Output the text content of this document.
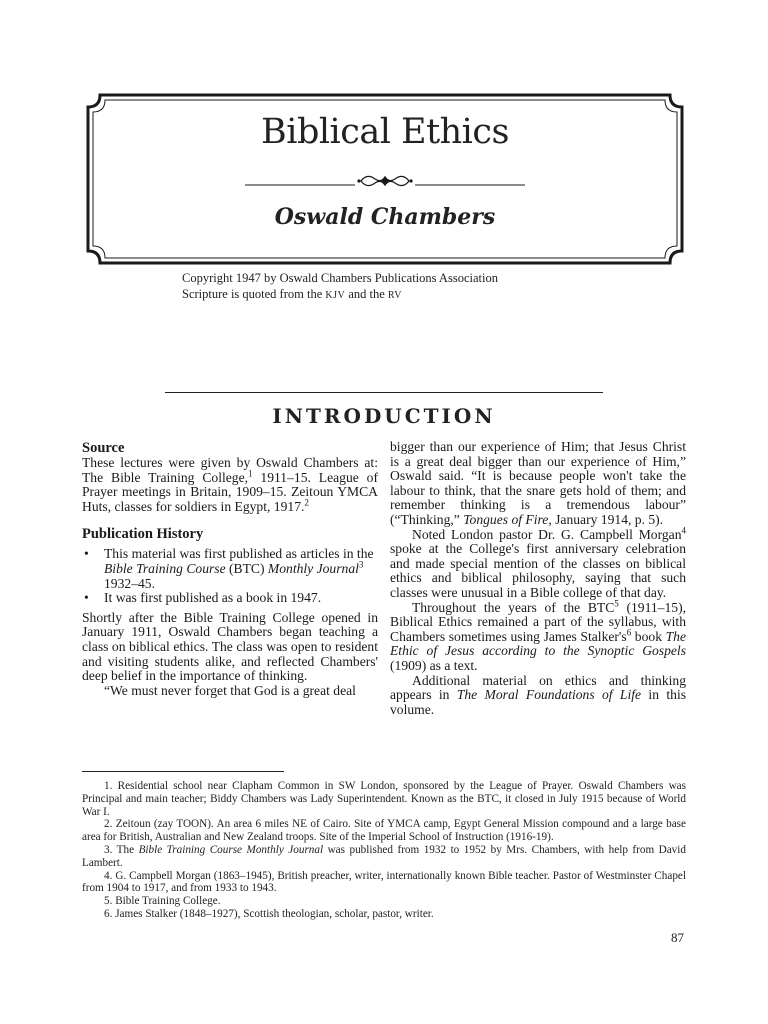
Biblical Ethics
Oswald Chambers
Copyright 1947 by Oswald Chambers Publications Association
Scripture is quoted from the KJV and the RV
INTRODUCTION
Source

These lectures were given by Oswald Chambers at: The Bible Training College,$^1$ 1911–15. League of Prayer meetings in Britain, 1909–15. Zeitoun YMCA Huts, classes for soldiers in Egypt, 1917.$^2$

Publication History
• This material was first published as articles in the Bible Training Course (BTC) Monthly Journal$^3$
1932–45.
• It was first published as a book in 1947.

Shortly after the Bible Training College opened in January 1911, Oswald Chambers began teaching a class on biblical ethics. The class was open to resident and visiting students alike, and reflected Chambers' deep belief in the importance of thinking.

“We must never forget that God is a great deal

bigger than our experience of Him; that Jesus Christ is a great deal bigger than our experience of Him,” Oswald said. “It is because people won't take the labour to think, that the snare gets hold of them; and remember thinking is a tremendous labour” (“Thinking,” Tongues of Fire, January 1914, p. 5).

Noted London pastor Dr. G. Campbell Morgan$^4$ spoke at the College's first anniversary celebration and made special mention of the classes on biblical ethics and biblical philosophy, saying that such classes were unusual in a Bible college of that day.

Throughout the years of the BTC$^5$ (1911–15), Biblical Ethics remained a part of the syllabus, with Chambers sometimes using James $Stalker's^6$ book The Ethic of Jesus according to the Synoptic Gospels (1909) as a text.

Additional material on ethics and thinking appears in The Moral Foundations of Life in this volume.

1. Residential school near Clapham Common in SW London, sponsored by the League of Prayer. Oswald Chambers was Principal and main teacher; Biddy Chambers was Lady Superintendent. Known as the BTC, it closed in July 1915 because of World War I.

2. Zeitoun (zay TOON). An area 6 miles NE of Cairo. Site of YMCA camp, Egypt General Mission compound and a large base area for British, Australian and New Zealand troops. Site of the Imperial School of Instruction (1916-19).

3. The Bible Training Course Monthly Journal was published from 1932 to 1952 by Mrs. Chambers, with help from David Lambert.

4. G. Campbell Morgan (1863–1945), British preacher, writer, internationally known Bible teacher. Pastor of Westminster Chapel from 1904 to 1917, and from 1933 to 1943.

5. Bible Training College.

6. James Stalker (1848–1927), Scottish theologian, scholar, pastor, writer.

87
